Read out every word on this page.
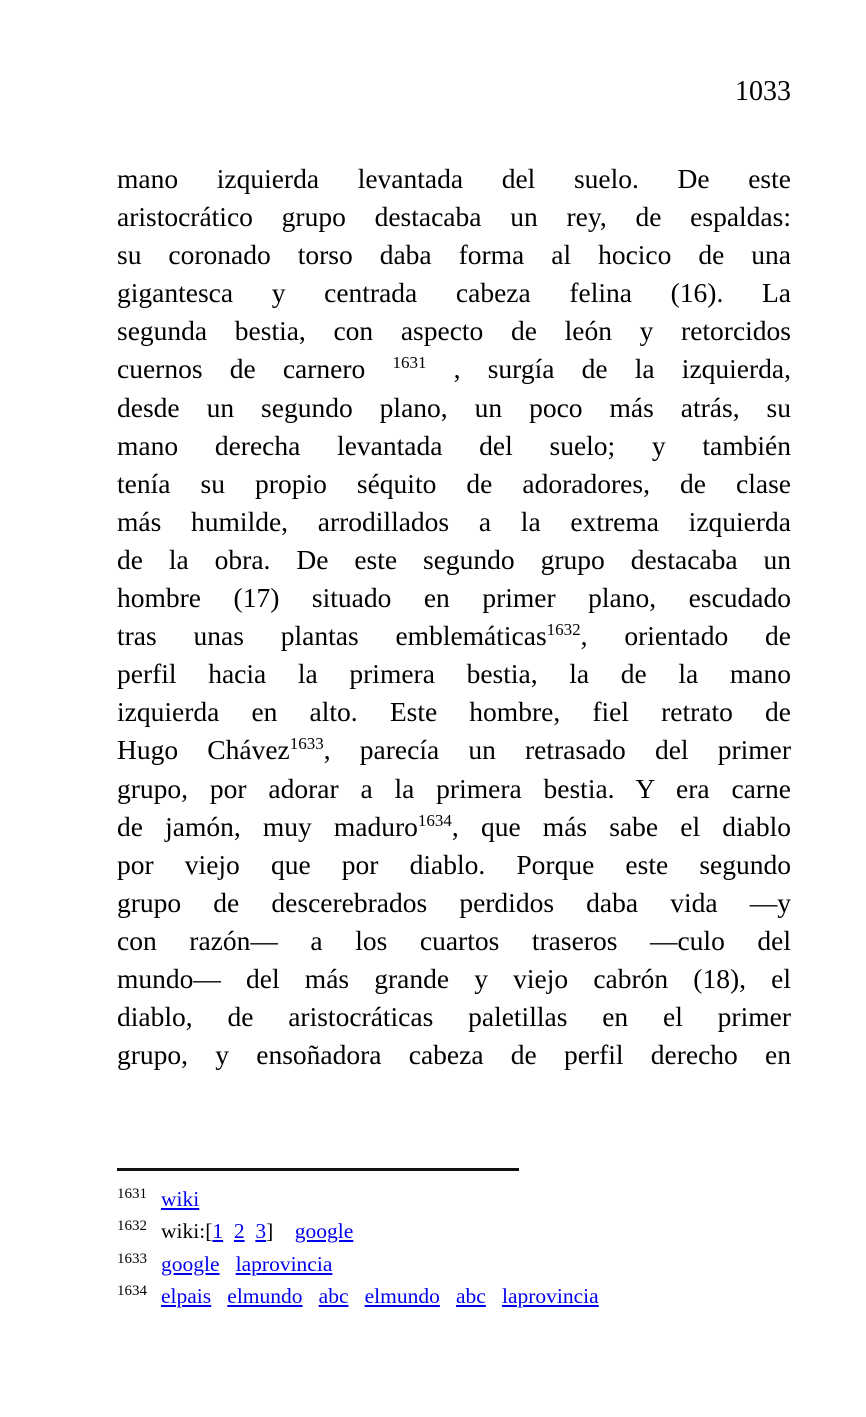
1033
mano izquierda levantada del suelo. De este
aristocrático grupo destacaba un rey, de espaldas:
su coronado torso daba forma al hocico de una
gigantesca y centrada cabeza felina (16). La
segunda bestia, con aspecto de león y retorcidos
cuernos de carnero $^{1631}$ , surgía de la izquierda,
desde un segundo plano, un poco más atrás, su
mano derecha levantada del suelo; y también
tenía su propio séquito de adoradores, de clase
más humilde, arrodillados a la extrema izquierda
de la obra. De este segundo grupo destacaba un
hombre (17) situado en primer plano, escudado
tras unas plantas emblemáticas$^{1632}$, orientado de
perfil hacia la primera bestia, la de la mano
izquierda en alto. Este hombre, fiel retrato de
Hugo Chávez$^{1633}$, parecía un retrasado del primer
grupo, por adorar a la primera bestia. Y era carne
de jamón, muy maduro$^{1634}$, que más sabe el diablo
por viejo que por diablo. Porque este segundo
grupo de descerebrados perdidos daba vida —y
con razón— a los cuartos traseros —culo del
mundo— del más grande y viejo cabrón (18), el
diablo, de aristocráticas paletillas en el primer
grupo, y ensoñadora cabeza de perfil derecho en
1631 wiki
1632 wiki:[1 2 3] google
1633 google laprovincia
1634 elpais elmundo abc elmundo abc laprovincia
